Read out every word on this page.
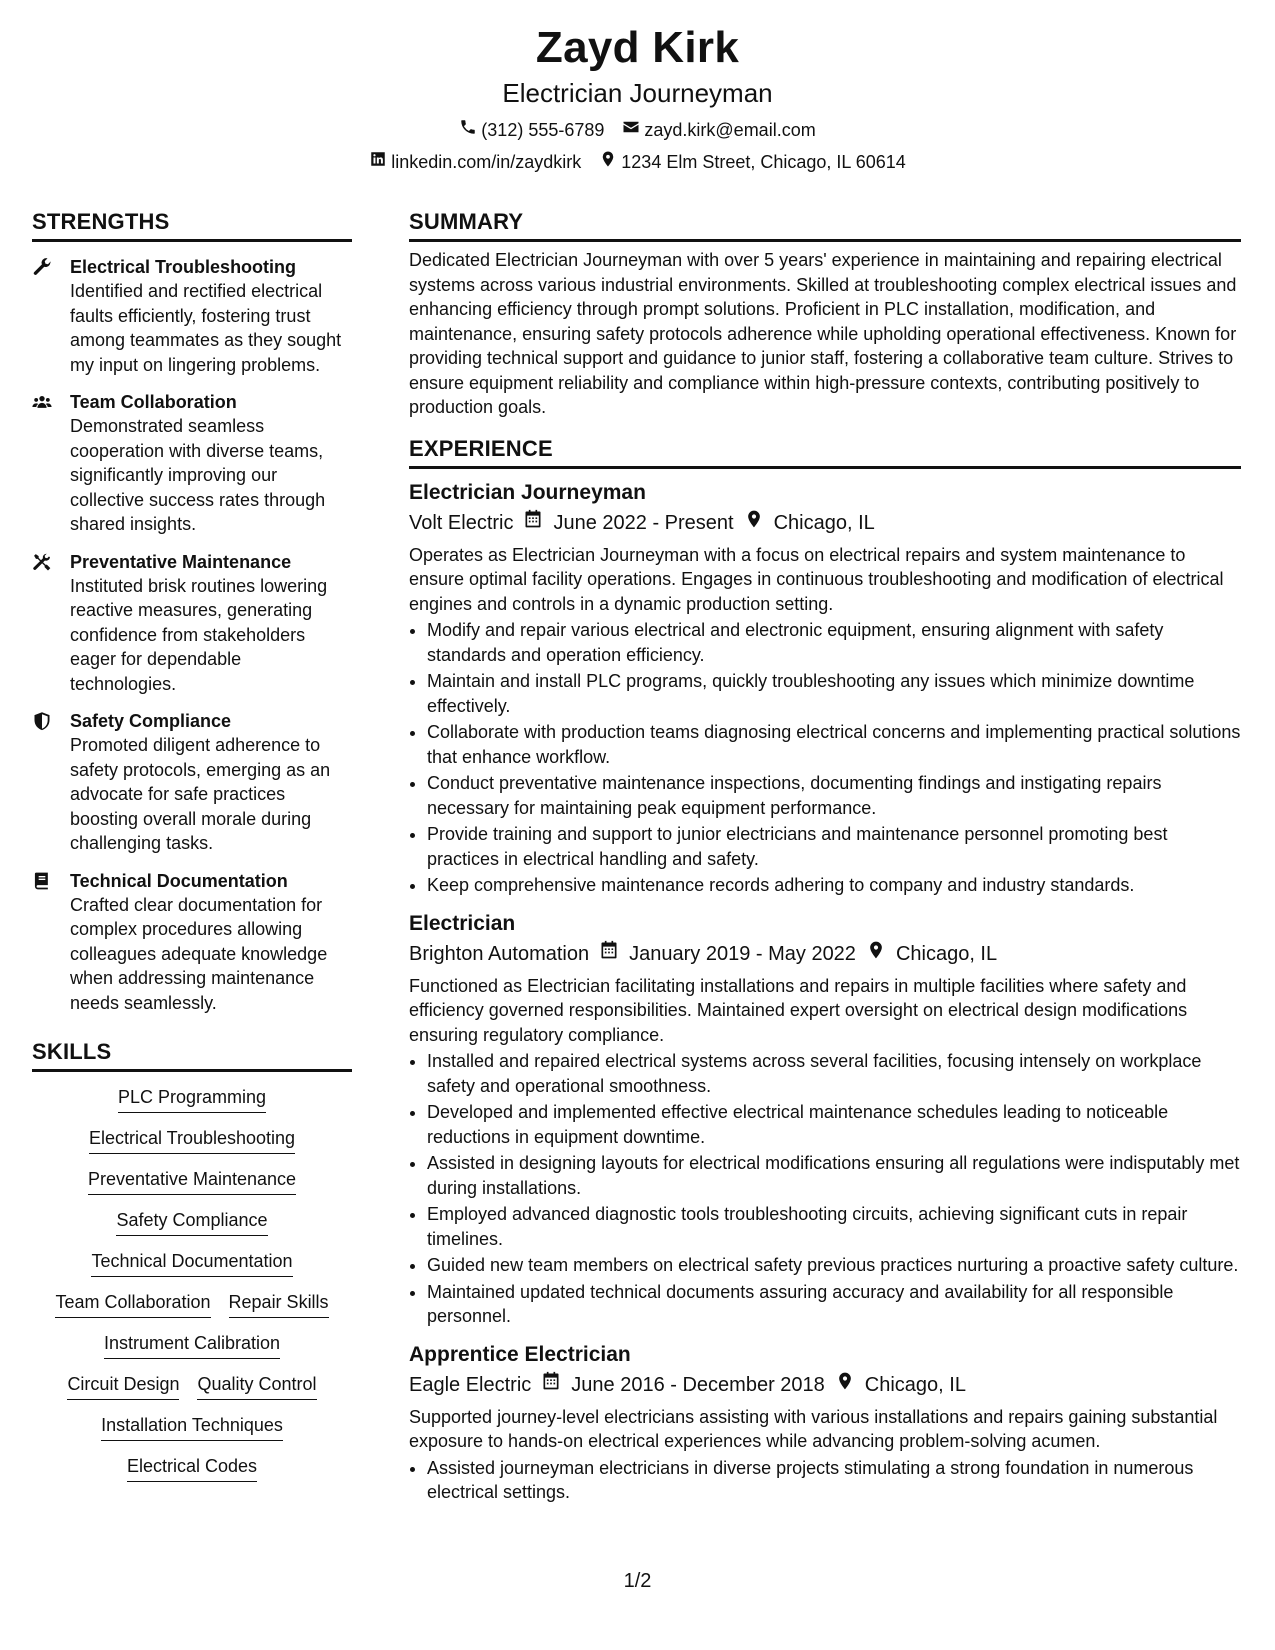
Zayd Kirk
Electrician Journeyman
(312) 555-6789 zayd.kirk@email.com
linkedin.com/in/zaydkirk 1234 Elm Street, Chicago, IL 60614
STRENGTHS
Electrical Troubleshooting
Identified and rectified electrical faults efficiently, fostering trust among teammates as they sought my input on lingering problems.
Team Collaboration
Demonstrated seamless cooperation with diverse teams, significantly improving our collective success rates through shared insights.
Preventative Maintenance
Instituted brisk routines lowering reactive measures, generating confidence from stakeholders eager for dependable technologies.
Safety Compliance
Promoted diligent adherence to safety protocols, emerging as an advocate for safe practices boosting overall morale during challenging tasks.
Technical Documentation
Crafted clear documentation for complex procedures allowing colleagues adequate knowledge when addressing maintenance needs seamlessly.
SKILLS
PLC Programming
Electrical Troubleshooting
Preventative Maintenance
Safety Compliance
Technical Documentation
Team Collaboration Repair Skills
Instrument Calibration
Circuit Design Quality Control
Installation Techniques
Electrical Codes
SUMMARY
Dedicated Electrician Journeyman with over 5 years' experience in maintaining and repairing electrical systems across various industrial environments. Skilled at troubleshooting complex electrical issues and enhancing efficiency through prompt solutions. Proficient in PLC installation, modification, and maintenance, ensuring safety protocols adherence while upholding operational effectiveness. Known for providing technical support and guidance to junior staff, fostering a collaborative team culture. Strives to ensure equipment reliability and compliance within high-pressure contexts, contributing positively to production goals.
EXPERIENCE
Electrician Journeyman
Volt Electric June 2022 - Present Chicago, IL
Operates as Electrician Journeyman with a focus on electrical repairs and system maintenance to ensure optimal facility operations. Engages in continuous troubleshooting and modification of electrical engines and controls in a dynamic production setting.
• Modify and repair various electrical and electronic equipment, ensuring alignment with safety standards and operation efficiency.
• Maintain and install PLC programs, quickly troubleshooting any issues which minimize downtime effectively.
• Collaborate with production teams diagnosing electrical concerns and implementing practical solutions that enhance workflow.
• Conduct preventative maintenance inspections, documenting findings and instigating repairs necessary for maintaining peak equipment performance.
• Provide training and support to junior electricians and maintenance personnel promoting best practices in electrical handling and safety.
• Keep comprehensive maintenance records adhering to company and industry standards.
Electrician
Brighton Automation January 2019 - May 2022 Chicago, IL
Functioned as Electrician facilitating installations and repairs in multiple facilities where safety and efficiency governed responsibilities. Maintained expert oversight on electrical design modifications ensuring regulatory compliance.
• Installed and repaired electrical systems across several facilities, focusing intensely on workplace safety and operational smoothness.
• Developed and implemented effective electrical maintenance schedules leading to noticeable reductions in equipment downtime.
• Assisted in designing layouts for electrical modifications ensuring all regulations were indisputably met during installations.
• Employed advanced diagnostic tools troubleshooting circuits, achieving significant cuts in repair timelines.
• Guided new team members on electrical safety previous practices nurturing a proactive safety culture.
• Maintained updated technical documents assuring accuracy and availability for all responsible personnel.
Apprentice Electrician
Eagle Electric June 2016 - December 2018 Chicago, IL
Supported journey-level electricians assisting with various installations and repairs gaining substantial exposure to hands-on electrical experiences while advancing problem-solving acumen.
• Assisted journeyman electricians in diverse projects stimulating a strong foundation in numerous electrical settings.
1/2
